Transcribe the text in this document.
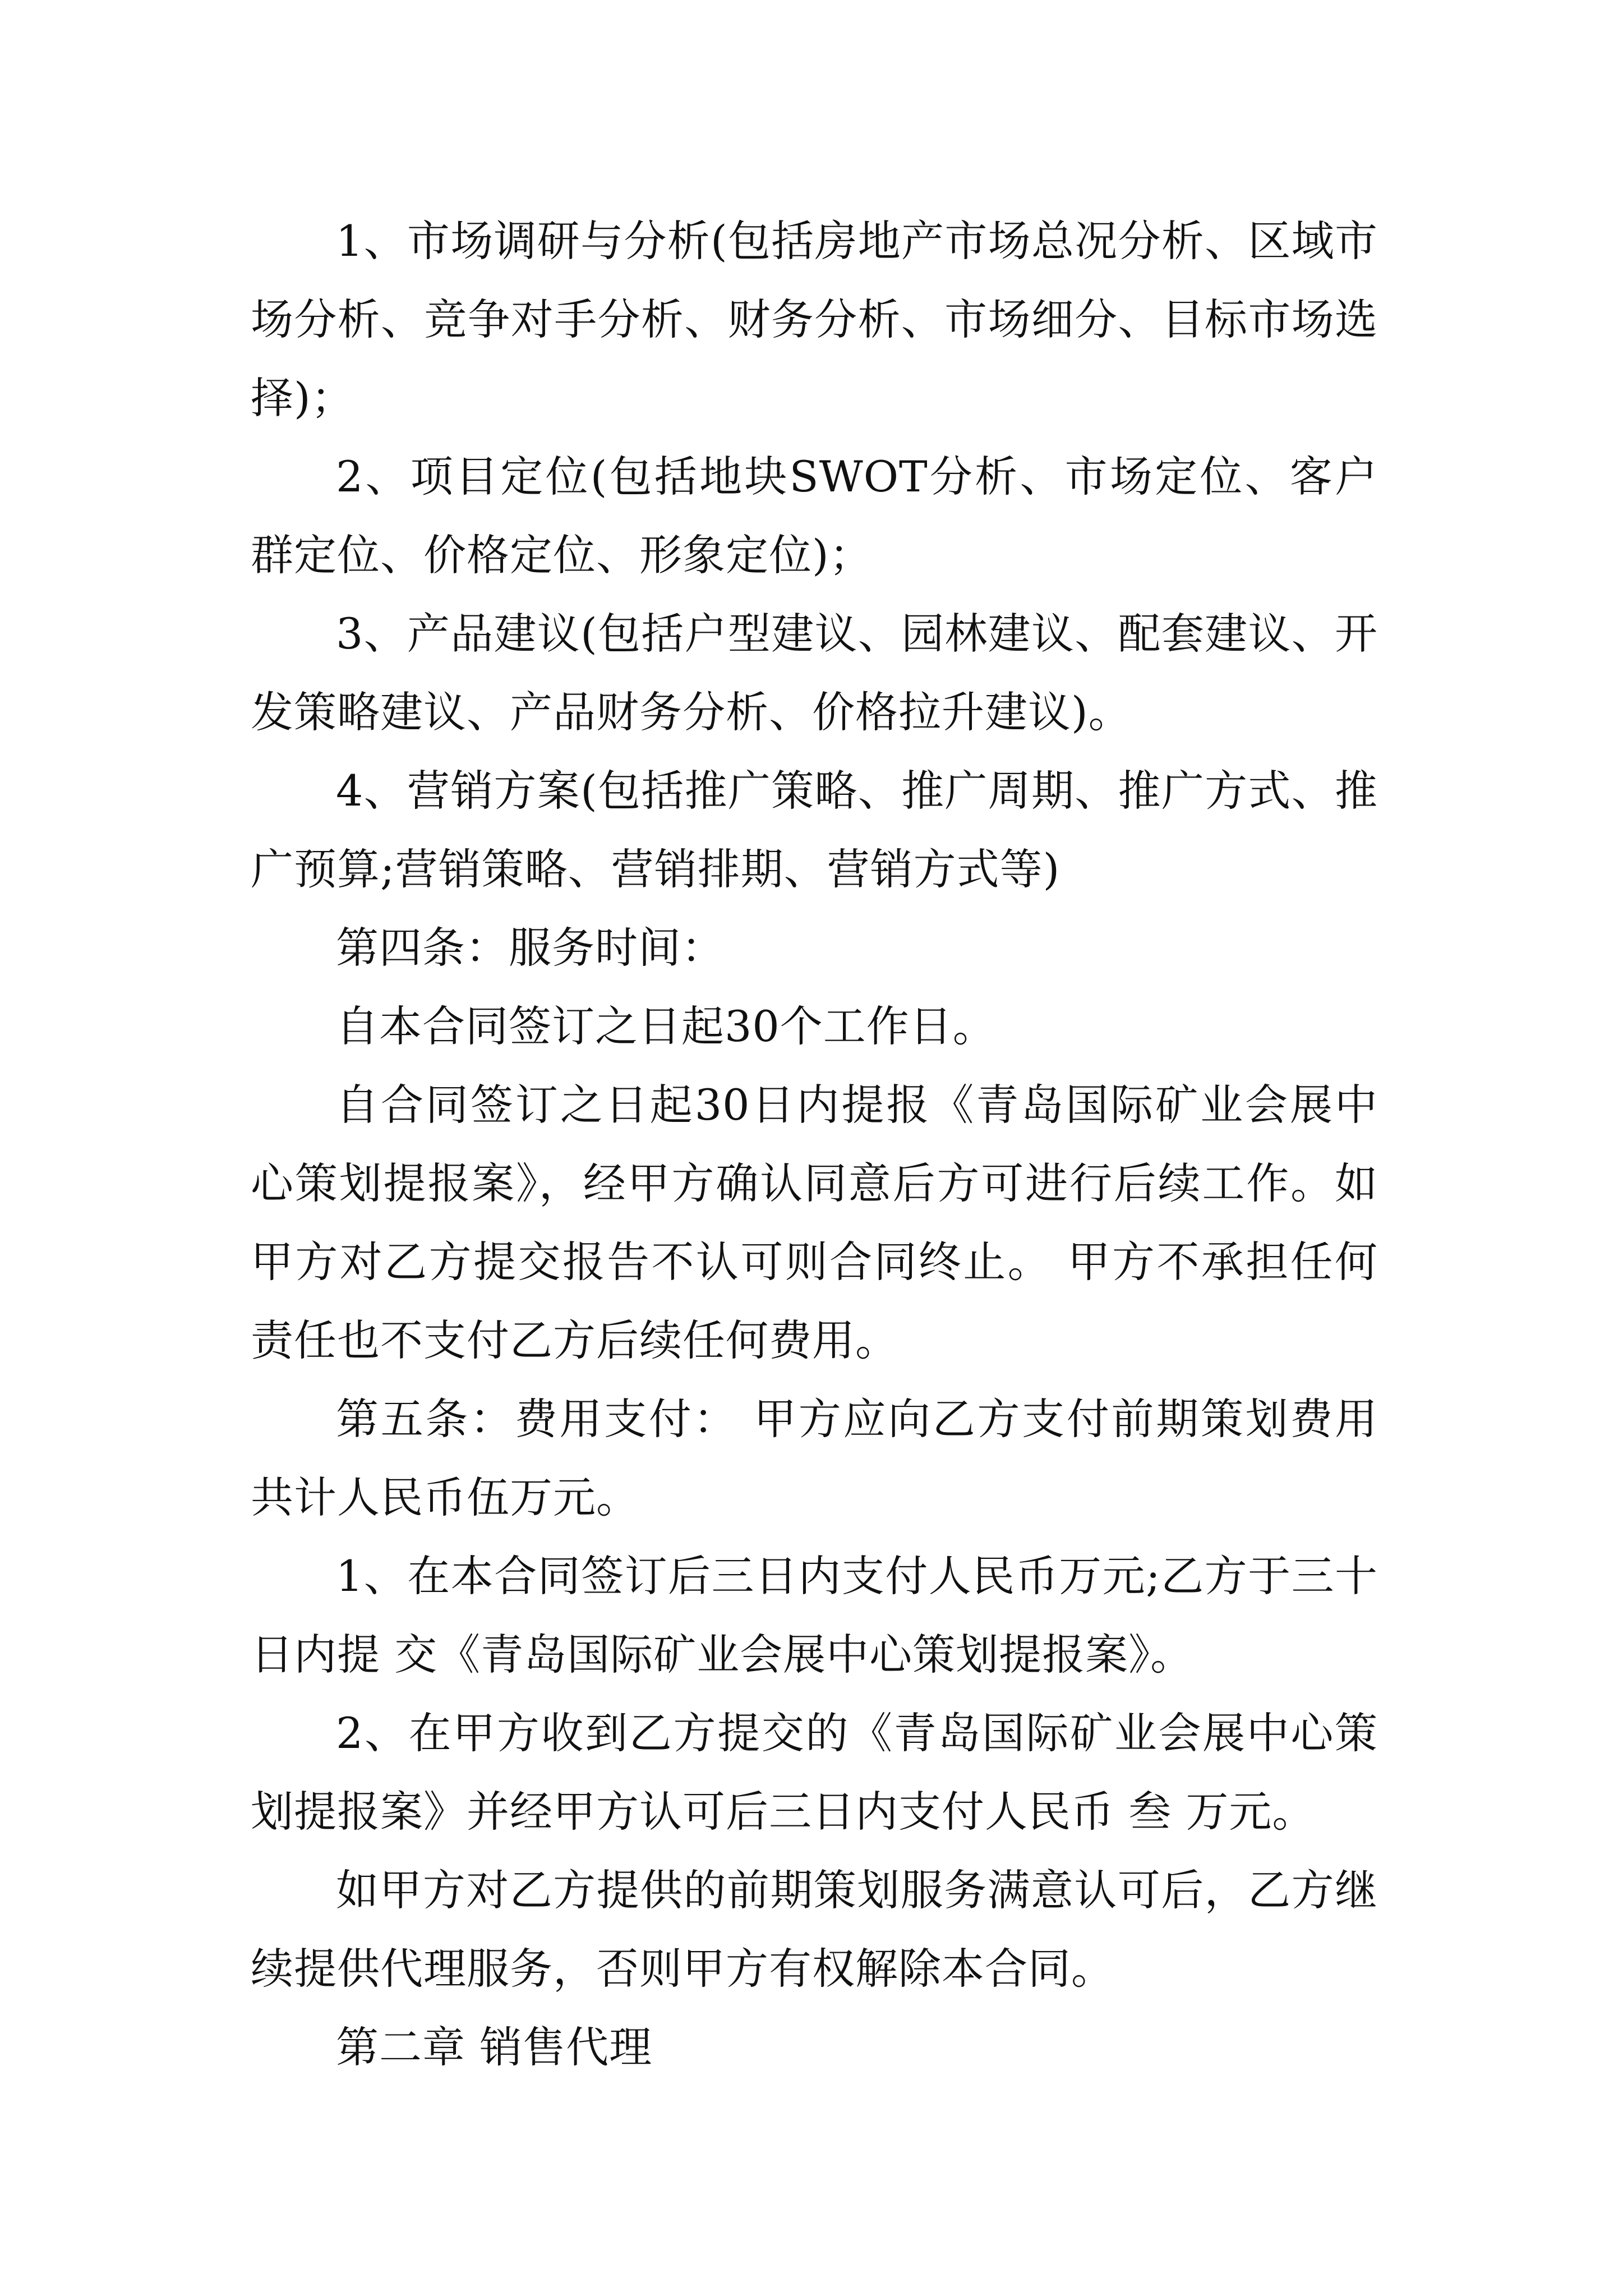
1、市场调研与分析(包括房地产市场总况分析、区域市场分析、竞争对手分析、财务分析、市场细分、目标市场选择)；

2、项目定位(包括地块SWOT分析、市场定位、客户群定位、价格定位、形象定位)；

3、产品建议(包括户型建议、园林建议、配套建议、开发策略建议、产品财务分析、价格拉升建议)。

4、营销方案(包括推广策略、推广周期、推广方式、推广预算;营销策略、营销排期、营销方式等)

第四条：服务时间：

自本合同签订之日起30个工作日。

自合同签订之日起30日内提报《青岛国际矿业会展中心策划提报案》，经甲方确认同意后方可进行后续工作。如甲方对乙方提交报告不认可则合同终止。 甲方不承担任何责任也不支付乙方后续任何费用。

第五条：费用支付： 甲方应向乙方支付前期策划费用共计人民币伍万元。

1、在本合同签订后三日内支付人民币万元;乙方于三十日内提 交《青岛国际矿业会展中心策划提报案》。

2、在甲方收到乙方提交的《青岛国际矿业会展中心策划提报案》并经甲方认可后三日内支付人民币 叁 万元。

如甲方对乙方提供的前期策划服务满意认可后，乙方继续提供代理服务，否则甲方有权解除本合同。

第二章 销售代理
